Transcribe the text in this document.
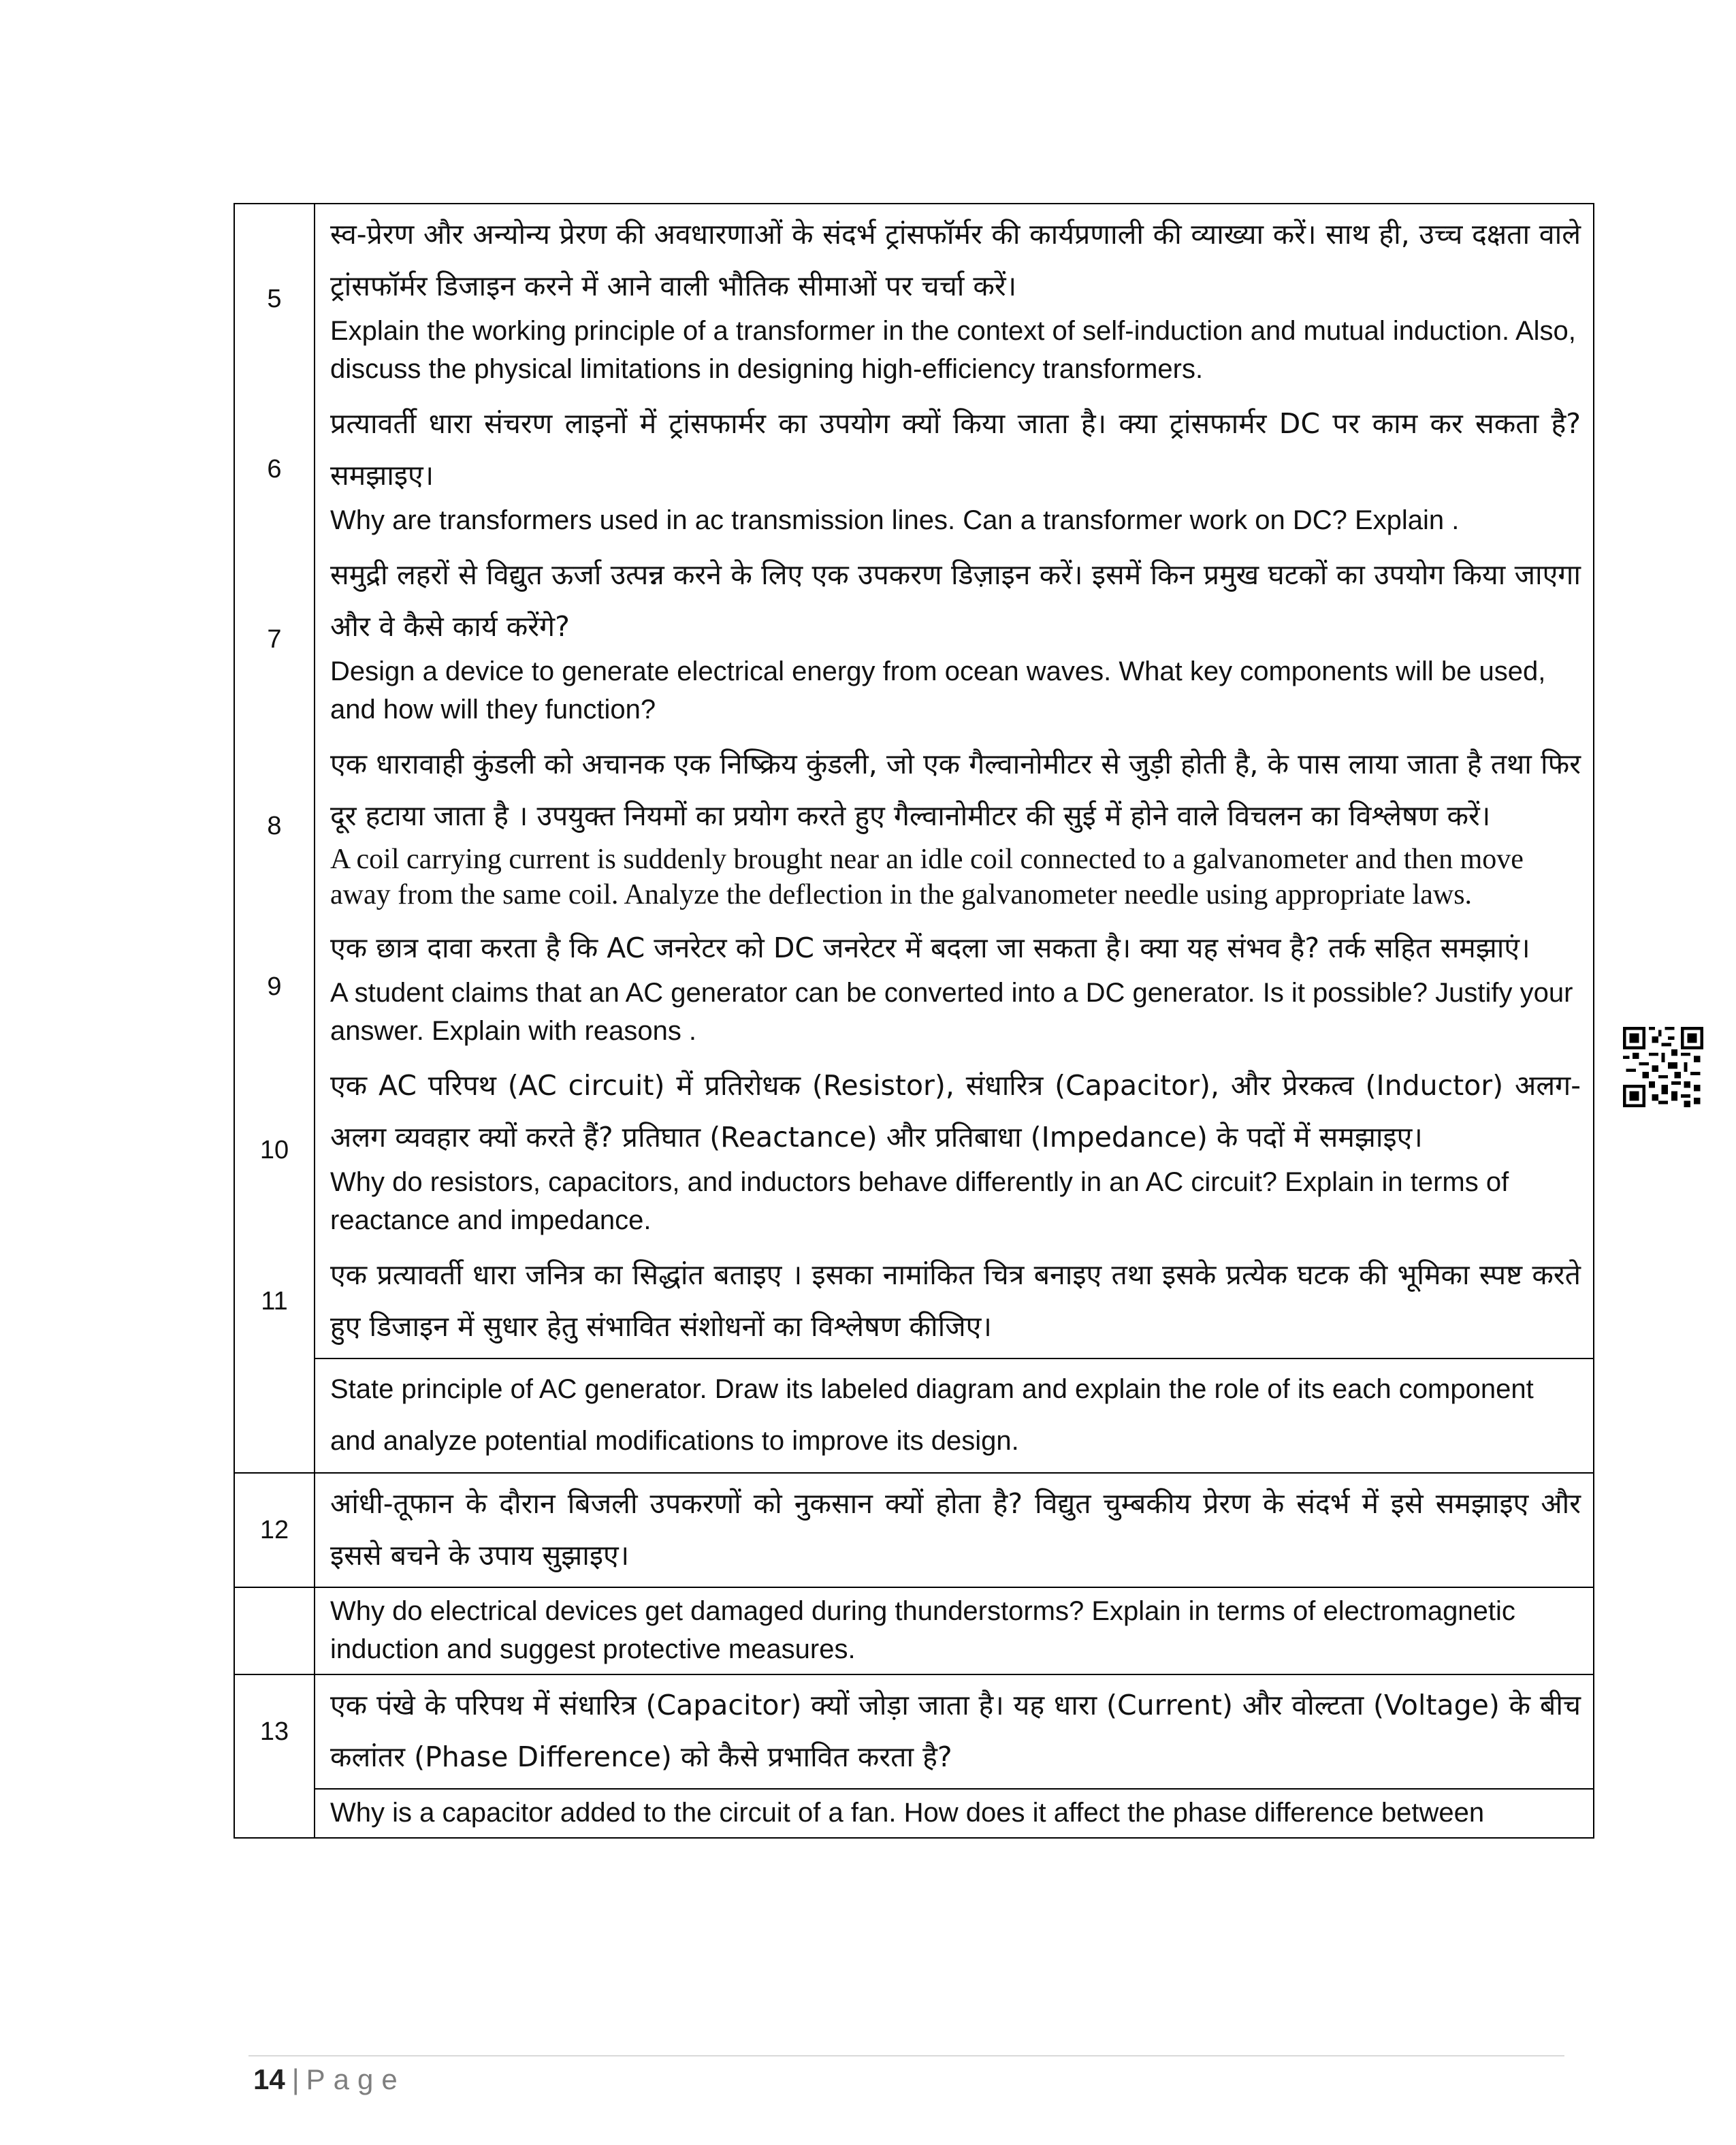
5	स्व-प्रेरण और अन्योन्य प्रेरण की अवधारणाओं के संदर्भ ट्रांसफॉर्मर की कार्यप्रणाली की व्याख्या करें। साथ ही, उच्च दक्षता वाले ट्रांसफॉर्मर डिजाइन करने में आने वाली भौतिक सीमाओं पर चर्चा करें।

Explain the working principle of a transformer in the context of self-induction and mutual induction. Also, discuss the physical limitations in designing high-efficiency transformers.

6	प्रत्यावर्ती धारा संचरण लाइनों में ट्रांसफार्मर का उपयोग क्यों किया जाता है। क्या ट्रांसफार्मर DC पर काम कर सकता है? समझाइए।

Why are transformers used in ac transmission lines. Can a transformer work on DC? Explain .

7	समुद्री लहरों से विद्युत ऊर्जा उत्पन्न करने के लिए एक उपकरण डिज़ाइन करें। इसमें किन प्रमुख घटकों का उपयोग किया जाएगा और वे कैसे कार्य करेंगे?

Design a device to generate electrical energy from ocean waves. What key components will be used, and how will they function?

8	एक धारावाही कुंडली को अचानक एक निष्क्रिय कुंडली, जो एक गैल्वानोमीटर से जुड़ी होती है, के पास लाया जाता है तथा फिर दूर हटाया जाता है । उपयुक्त नियमों का प्रयोग करते हुए गैल्वानोमीटर की सुई में होने वाले विचलन का विश्लेषण करें।

A coil carrying current is suddenly brought near an idle coil connected to a galvanometer and then move away from the same coil. Analyze the deflection in the galvanometer needle using appropriate laws.

9	एक छात्र दावा करता है कि AC जनरेटर को DC जनरेटर में बदला जा सकता है। क्या यह संभव है? तर्क सहित समझाएं।

A student claims that an AC generator can be converted into a DC generator. Is it possible? Justify your answer. Explain with reasons .

10	एक AC परिपथ (AC circuit) में प्रतिरोधक (Resistor), संधारित्र (Capacitor), और प्रेरकत्व (Inductor) अलग-अलग व्यवहार क्यों करते हैं? प्रतिघात (Reactance) और प्रतिबाधा (Impedance) के पदों में समझाइए।

Why do resistors, capacitors, and inductors behave differently in an AC circuit? Explain in terms of reactance and impedance.

11	एक प्रत्यावर्ती धारा जनित्र का सिद्धांत बताइए । इसका नामांकित चित्र बनाइए तथा इसके प्रत्येक घटक की भूमिका स्पष्ट करते हुए डिजाइन में सुधार हेतु संभावित संशोधनों का विश्लेषण कीजिए।

	State principle of AC generator. Draw its labeled diagram and explain the role of its each component and analyze potential modifications to improve its design.

12	आंधी-तूफान के दौरान बिजली उपकरणों को नुकसान क्यों होता है? विद्युत चुम्बकीय प्रेरण के संदर्भ में इसे समझाइए और इससे बचने के उपाय सुझाइए।

	Why do electrical devices get damaged during thunderstorms? Explain in terms of electromagnetic induction and suggest protective measures.

13	एक पंखे के परिपथ में संधारित्र (Capacitor) क्यों जोड़ा जाता है। यह धारा (Current) और वोल्टता (Voltage) के बीच कलांतर (Phase Difference) को कैसे प्रभावित करता है?

	Why is a capacitor added to the circuit of a fan. How does it affect the phase difference between

14 | Page
